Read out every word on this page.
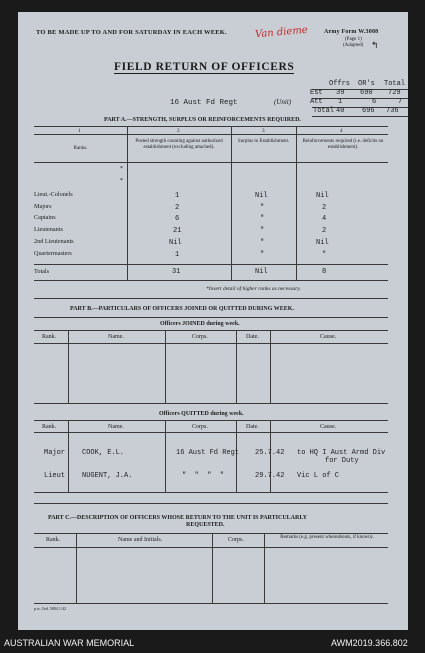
TO BE MADE UP TO AND FOR SATURDAY IN EACH WEEK.	Van dieme	Army Form W.3008
(Page 1)
(Adapted) ↰
FIELD RETURN OF OFFICERS
Offrs OR's Total
Est 39 690 729
Att 1	6	7
Total 40	696 736
16 Aust Fd Regt	(Unit)
PART A.—STRENGTH, SURPLUS OR REINFORCEMENTS REQUIRED.
1	2	3	4
Ranks.
Posted strength counting against authorized establishment (excluding attached).
Surplus to Establishment.	Reinforcements required (i.e. deficits on establishment).
*
*
Lieut.-Colonels	1	Nil	Nil
Majors	2	"	2
Captains	6	"	4
Lieutenants	21	"	2
2nd Lieutenants	Nil	"	Nil
Quartermasters	1	"	"
Totals	31	Nil	8
*Insert detail of higher ranks as necessary.
PART B.—PARTICULARS OF OFFICERS JOINED OR QUITTED DURING WEEK.
Officers JOINED during week.
Rank.	Name.	Corps.	Date.	Cause.
Officers QUITTED during week.
Rank.	Name.	Corps.	Date.	Cause.
Major COOK, E.L.	16 Aust Fd Regt 25.7.42 to HQ I Aust Armd Div
for Duty
Lieut NUGENT, J.A.	"  "  "  "	29.7.42 Vic L of C
PART C.—DESCRIPTION OF OFFICERS WHOSE RETURN TO THE UNIT IS PARTICULARLY
REQUESTED.
Rank.	Name and Initials.	Corps.	Remarks (e.g. present whereabouts, if known).
p.w. Ord. 5804 1/42
AUSTRALIAN WAR MEMORIAL	AWM2019.366.802
